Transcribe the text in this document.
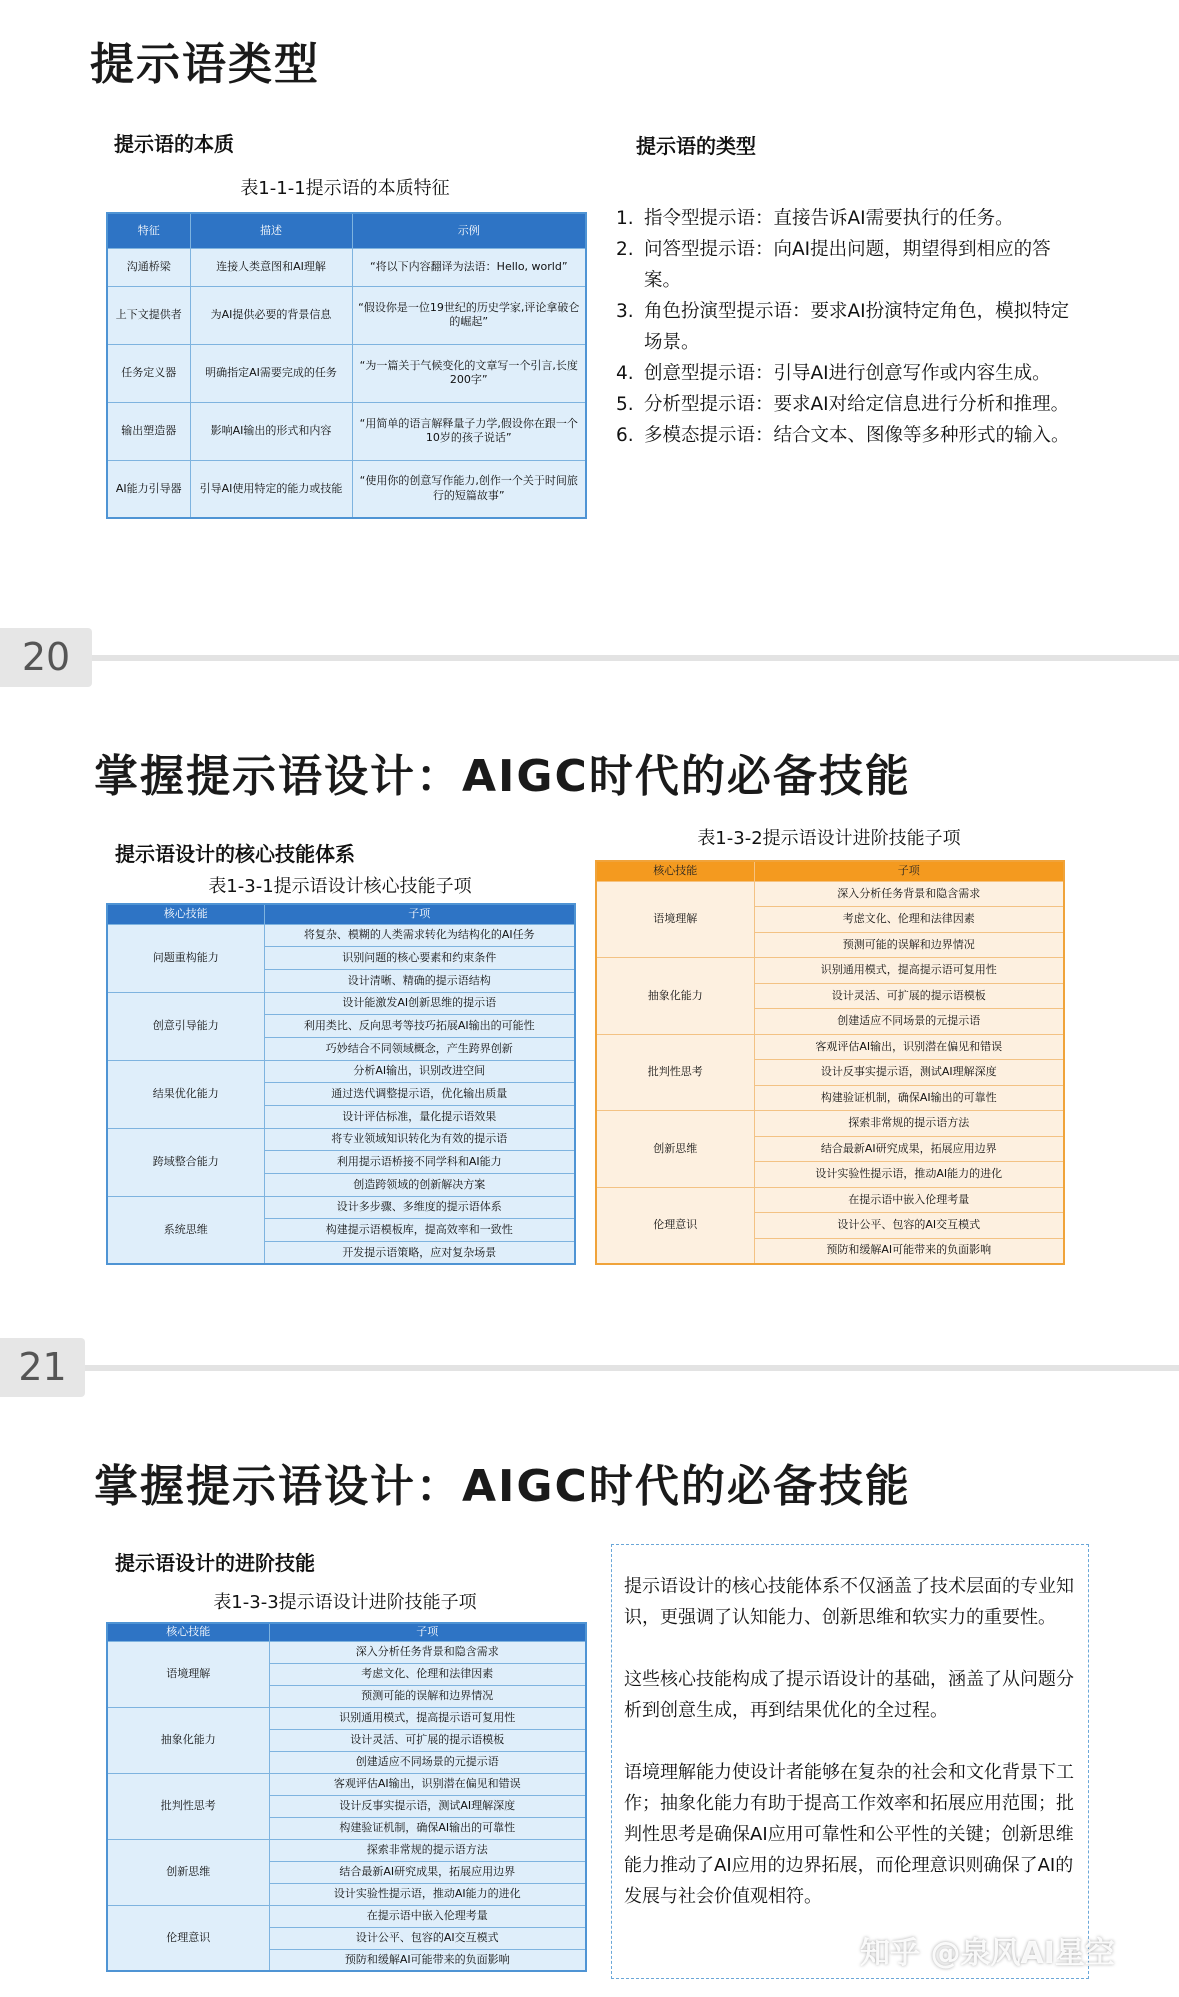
提示语类型
提示语的本质
表1-1-1提示语的本质特征
特征	描述	示例
沟通桥梁	连接人类意图和AI理解	“将以下内容翻译为法语：Hello, world”
上下文提供者	为AI提供必要的背景信息	“假设你是一位19世纪的历史学家,评论拿破仑的崛起”
任务定义器	明确指定AI需要完成的任务	“为一篇关于气候变化的文章写一个引言,长度200字”
输出塑造器	影响AI输出的形式和内容	“用简单的语言解释量子力学,假设你在跟一个10岁的孩子说话”
AI能力引导器	引导AI使用特定的能力或技能	“使用你的创意写作能力,创作一个关于时间旅行的短篇故事”
提示语的类型
1. 指令型提示语：直接告诉AI需要执行的任务。
2. 问答型提示语：向AI提出问题，期望得到相应的答案。
3. 角色扮演型提示语：要求AI扮演特定角色，模拟特定场景。
4. 创意型提示语：引导AI进行创意写作或内容生成。
5. 分析型提示语：要求AI对给定信息进行分析和推理。
6. 多模态提示语：结合文本、图像等多种形式的输入。
20
掌握提示语设计：AIGC时代的必备技能
提示语设计的核心技能体系
表1-3-1提示语设计核心技能子项
表1-3-2提示语设计进阶技能子项
核心技能	子项
问题重构能力	将复杂、模糊的人类需求转化为结构化的AI任务
	识别问题的核心要素和约束条件
	设计清晰、精确的提示语结构
创意引导能力	设计能激发AI创新思维的提示语
	利用类比、反向思考等技巧拓展AI输出的可能性
	巧妙结合不同领域概念，产生跨界创新
结果优化能力	分析AI输出，识别改进空间
	通过迭代调整提示语，优化输出质量
	设计评估标准，量化提示语效果
跨域整合能力	将专业领域知识转化为有效的提示语
	利用提示语桥接不同学科和AI能力
	创造跨领域的创新解决方案
系统思维	设计多步骤、多维度的提示语体系
	构建提示语模板库，提高效率和一致性
	开发提示语策略，应对复杂场景
核心技能	子项
语境理解	深入分析任务背景和隐含需求
	考虑文化、伦理和法律因素
	预测可能的误解和边界情况
抽象化能力	识别通用模式，提高提示语可复用性
	设计灵活、可扩展的提示语模板
	创建适应不同场景的元提示语
批判性思考	客观评估AI输出，识别潜在偏见和错误
	设计反事实提示语，测试AI理解深度
	构建验证机制，确保AI输出的可靠性
创新思维	探索非常规的提示语方法
	结合最新AI研究成果，拓展应用边界
	设计实验性提示语，推动AI能力的进化
伦理意识	在提示语中嵌入伦理考量
	设计公平、包容的AI交互模式
	预防和缓解AI可能带来的负面影响
21
掌握提示语设计：AIGC时代的必备技能
提示语设计的进阶技能
表1-3-3提示语设计进阶技能子项
核心技能	子项
语境理解	深入分析任务背景和隐含需求
	考虑文化、伦理和法律因素
	预测可能的误解和边界情况
抽象化能力	识别通用模式，提高提示语可复用性
	设计灵活、可扩展的提示语模板
	创建适应不同场景的元提示语
批判性思考	客观评估AI输出，识别潜在偏见和错误
	设计反事实提示语，测试AI理解深度
	构建验证机制，确保AI输出的可靠性
创新思维	探索非常规的提示语方法
	结合最新AI研究成果，拓展应用边界
	设计实验性提示语，推动AI能力的进化
伦理意识	在提示语中嵌入伦理考量
	设计公平、包容的AI交互模式
	预防和缓解AI可能带来的负面影响

提示语设计的核心技能体系不仅涵盖了技术层面的专业知识，更强调了认知能力、创新思维和软实力的重要性。

这些核心技能构成了提示语设计的基础，涵盖了从问题分析到创意生成，再到结果优化的全过程。

语境理解能力使设计者能够在复杂的社会和文化背景下工作；抽象化能力有助于提高工作效率和拓展应用范围；批判性思考是确保AI应用可靠性和公平性的关键；创新思维能力推动了AI应用的边界拓展，而伦理意识则确保了AI的发展与社会价值观相符。

知乎 @泉风AI星空
